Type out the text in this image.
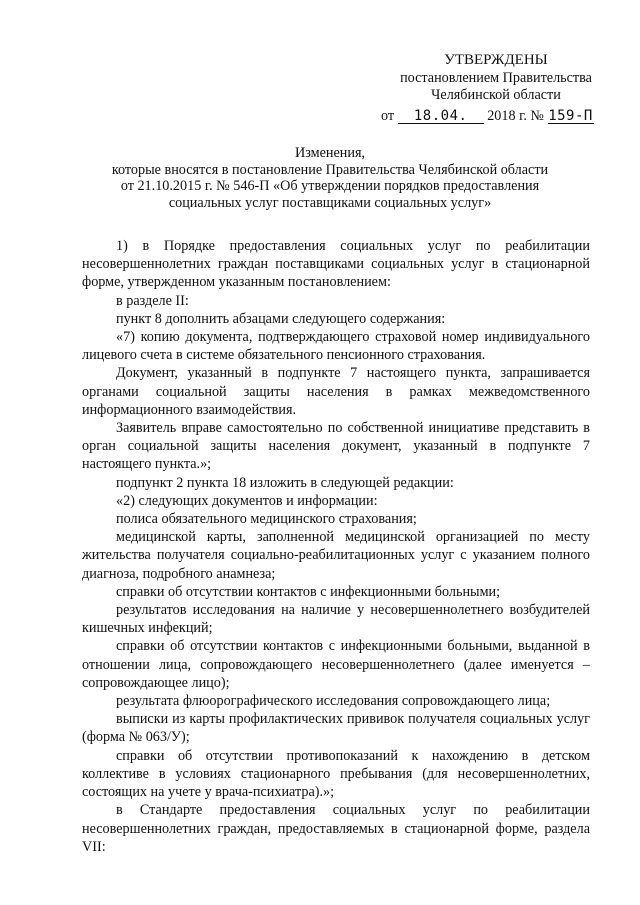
УТВЕРЖДЕНЫ
постановлением Правительства
Челябинской области
от 18.04. 2018 г. № 159-П
Изменения,
которые вносятся в постановление Правительства Челябинской области
от 21.10.2015 г. № 546-П «Об утверждении порядков предоставления
социальных услуг поставщиками социальных услуг»

1) в Порядке предоставления социальных услуг по реабилитации несовершеннолетних граждан поставщиками социальных услуг в стационарной форме, утвержденном указанным постановлением:

в разделе II:

пункт 8 дополнить абзацами следующего содержания:

«7) копию документа, подтверждающего страховой номер индивидуального лицевого счета в системе обязательного пенсионного страхования.

Документ, указанный в подпункте 7 настоящего пункта, запрашивается органами социальной защиты населения в рамках межведомственного информационного взаимодействия.

Заявитель вправе самостоятельно по собственной инициативе представить в орган социальной защиты населения документ, указанный в подпункте 7 настоящего пункта.»;

подпункт 2 пункта 18 изложить в следующей редакции:

«2) следующих документов и информации:

полиса обязательного медицинского страхования;

медицинской карты, заполненной медицинской организацией по месту жительства получателя социально-реабилитационных услуг с указанием полного диагноза, подробного анамнеза;

справки об отсутствии контактов с инфекционными больными;

результатов исследования на наличие у несовершеннолетнего возбудителей кишечных инфекций;

справки об отсутствии контактов с инфекционными больными, выданной в отношении лица, сопровождающего несовершеннолетнего (далее именуется – сопровождающее лицо);

результата флюорографического исследования сопровождающего лица;

выписки из карты профилактических прививок получателя социальных услуг (форма № 063/У);

справки об отсутствии противопоказаний к нахождению в детском коллективе в условиях стационарного пребывания (для несовершеннолетних, состоящих на учете у врача-психиатра).»;

в Стандарте предоставления социальных услуг по реабилитации несовершеннолетних граждан, предоставляемых в стационарной форме, раздела VII:
